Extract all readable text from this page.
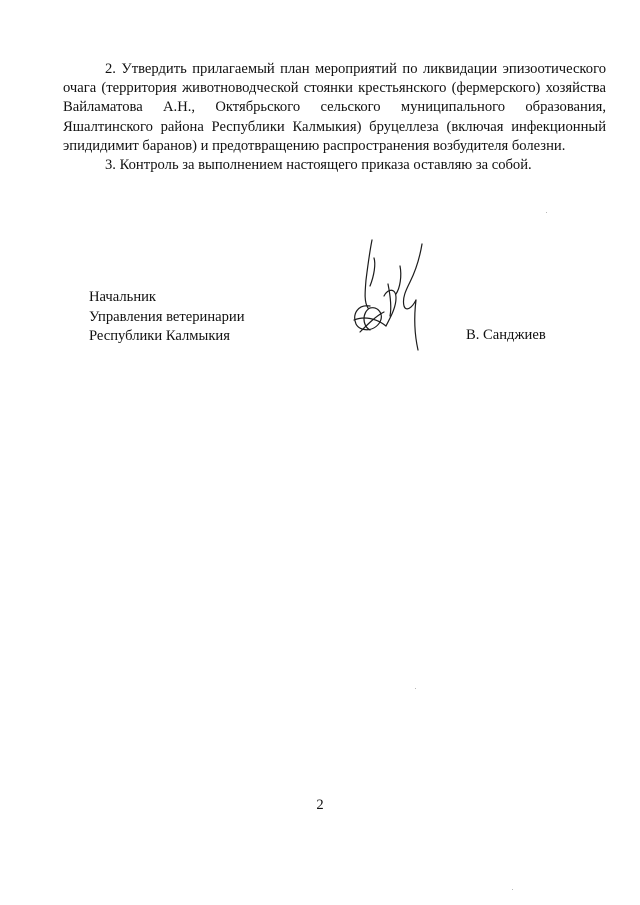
2. Утвердить прилагаемый план мероприятий по ликвидации эпизоотического очага (территория животноводческой стоянки крестьянского (фермерского) хозяйства Вайламатова А.Н., Октябрьского сельского муниципального образования, Яшалтинского района Республики Калмыкия) бруцеллеза (включая инфекционный эпидидимит баранов) и предотвращению распространения возбудителя болезни.

3. Контроль за выполнением настоящего приказа оставляю за собой.

Начальник
Управления ветеринарии
Республики Калмыкия	В. Санджиев
2
